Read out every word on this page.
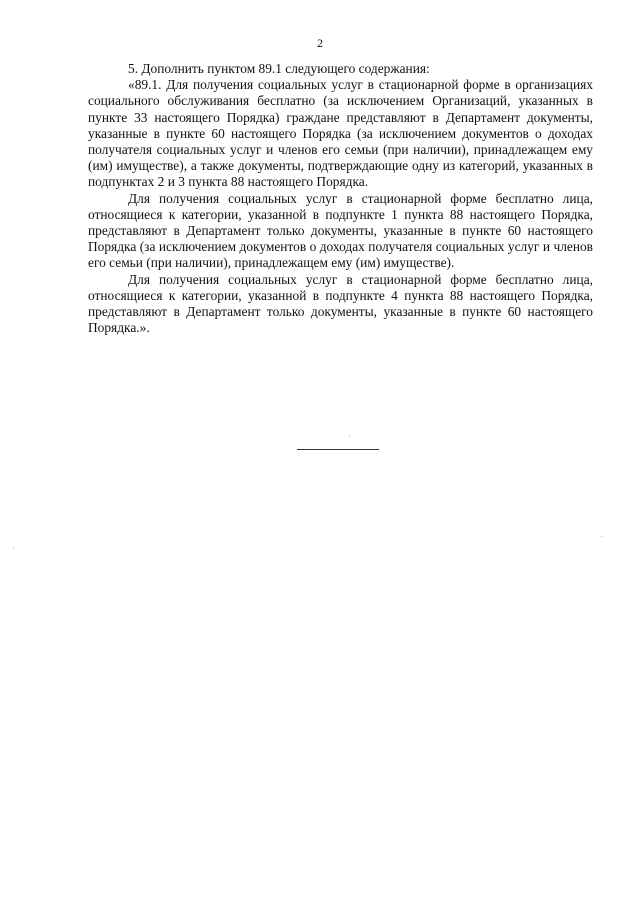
2

5. Дополнить пунктом 89.1 следующего содержания:

«89.1. Для получения социальных услуг в стационарной форме в организациях социального обслуживания бесплатно (за исключением Организаций, указанных в пункте 33 настоящего Порядка) граждане представляют в Департамент документы, указанные в пункте 60 настоящего Порядка (за исключением документов о доходах получателя социальных услуг и членов его семьи (при наличии), принадлежащем ему (им) имуществе), а также документы, подтверждающие одну из категорий, указанных в подпунктах 2 и 3 пункта 88 настоящего Порядка.

Для получения социальных услуг в стационарной форме бесплатно лица, относящиеся к категории, указанной в подпункте 1 пункта 88 настоящего Порядка, представляют в Департамент только документы, указанные в пункте 60 настоящего Порядка (за исключением документов о доходах получателя социальных услуг и членов его семьи (при наличии), принадлежащем ему (им) имуществе).

Для получения социальных услуг в стационарной форме бесплатно лица, относящиеся к категории, указанной в подпункте 4 пункта 88 настоящего Порядка, представляют в Департамент только документы, указанные в пункте 60 настоящего Порядка.».
